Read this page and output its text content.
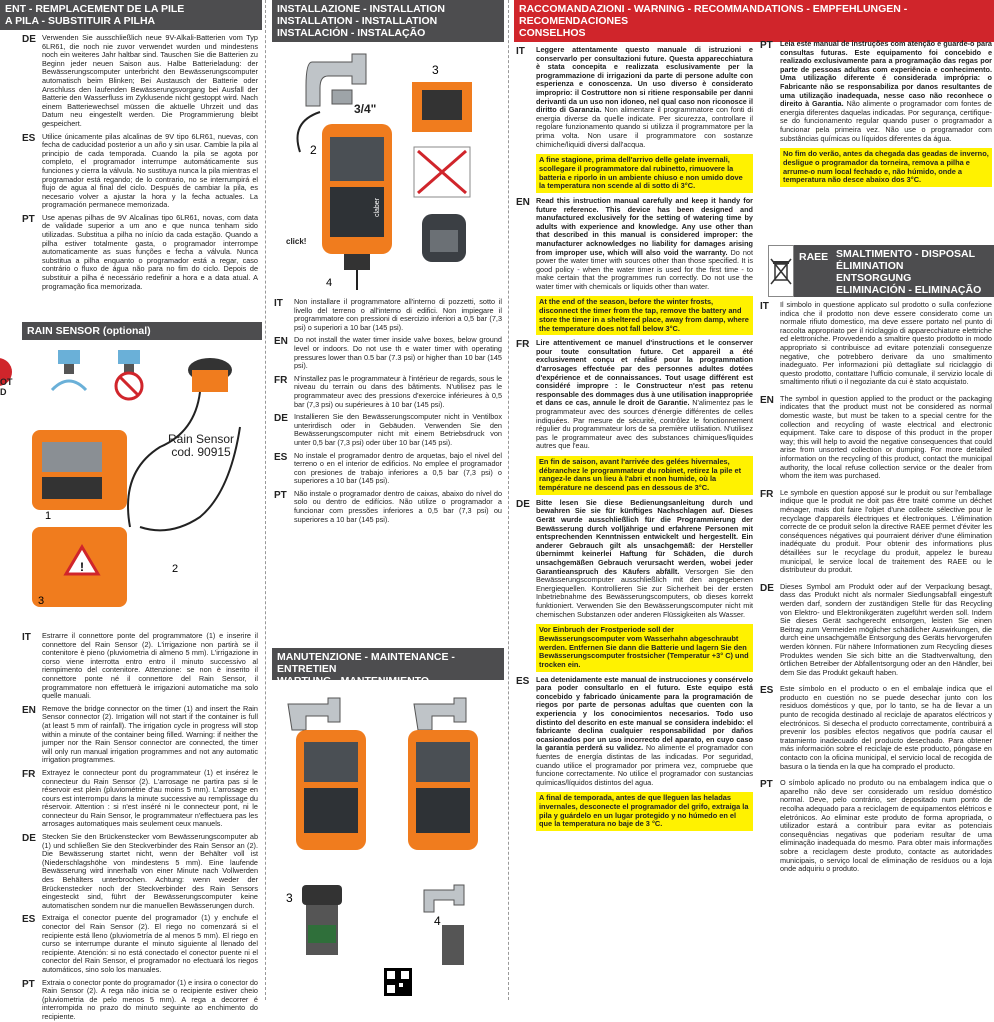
ENT - REMPLACEMENT DE LA PILE
A PILA - SUBSTITUIR A PILHA
DE Verwenden Sie ausschließlich neue 9V-Alkali-Batterien vom Typ 6LR61, die noch nie zuvor verwendet wurden und mindestens noch ein weiteres Jahr haltbar sind. Tauschen Sie die Batterien zu Beginn jeder neuen Saison aus. Halbe Batterieladung: der Bewässerungscomputer unterbricht den Bewässerungscomputer automatisch beim Blinken; Bei Austausch der Batterie oder Anschluss den laufenden Bewässerungsvorgang bei Ausfall der Batterie den Wasserfluss im Zyklusende nicht gestoppt wird. Nach einem Batteriewechsel müssen die aktuelle Uhrzeit und das Datum neu eingestellt werden. Die Programmierung bleibt gespeichert.
ES Utilice únicamente pilas alcalinas de 9V tipo 6LR61, nuevas, con fecha de caducidad posterior a un año y sin usar. Cambie la pila al principio de cada temporada. Cuando la pila se agota por completo, el programador interrumpe automáticamente sus funciones y cierra la válvula. No sustituya nunca la pila mientras el programador está regando; de lo contrario, no se interrumpirá el flujo de agua al final del ciclo. Después de cambiar la pila, es necesario volver a ajustar la hora y la fecha actuales. La programación permanece memorizada.
PT Use apenas pilhas de 9V Alcalinas tipo 6LR61, novas, com data de validade superior a um ano e que nunca tenham sido utilizadas. Substitua a pilha no início da cada estação. Quando a pilha estiver totalmente gasta, o programador interrompe automaticamente as suas funções e fecha a válvula. Nunca substitua a pilha enquanto o programador está a regar, caso contrário o fluxo de água não para no fim do ciclo. Depois de substituir a pilha é necessário redefinir a hora e a data atual. A programação fica memorizada.
RAIN SENSOR (optional)
1
!
3
2
Rain Sensor
cod. 90915
OT
D
IT	Estrarre il connettore ponte del programmatore (1) e inserire il connettore del Rain Sensor (2). L'irrigazione non partirà se il contenitore è pieno (pluviometria di almeno 5 mm). L'irrigazione in corso viene interrotta entro entro il minuto successivo al riempimento del contenitore. Attenzione: se non è inserito il connettore ponte né il connettore del Rain Sensor, il programmatore non effettuerà le irrigazioni automatiche ma solo quelle manuali.
EN Remove the bridge connector on the timer (1) and insert the Rain Sensor connector (2). Irrigation will not start if the container is full (at least 5 mm of rainfall). The irrigation cycle in progress will stop within a minute of the container being filled. Warning: if neither the jumper nor the Rain Sensor connector are connected, the timer will only run manual irrigation programmes and not any automatic irrigation programmes.
FR Extrayez le connecteur pont du programmateur (1) et insérez le connecteur du Rain Sensor (2). L'arrosage ne partira pas si le réservoir est plein (pluviométrie d'au moins 5 mm). L'arrosage en cours est interrompu dans la minute successive au remplissage du réservoir. Attention : si n'est inséré ni le connecteur pont, ni le connecteur du Rain Sensor, le programmateur n'effectuera pas les arrosages automatiques mais seulement ceux manuels.
DE Stecken Sie den Brückenstecker vom Bewässerungscomputer ab (1) und schließen Sie den Steckverbinder des Rain Sensor an (2). Die Bewässerung startet nicht, wenn der Behälter voll ist (Niederschlagshöhe von mindestens 5 mm). Eine laufende Bewässerung wird innerhalb von einer Minute nach Vollwerden des Behälters unterbrochen. Achtung: wenn weder der Brückenstecker noch der Steckverbinder des Rain Sensors eingesteckt sind, führt der Bewässerungscomputer keine automatischen sondern nur die manuellen Bewässerungen durch.
ES Extraiga el conector puente del programador (1) y enchufe el conector del Rain Sensor (2). El riego no comenzará si el recipiente está lleno (pluviometría de al menos 5 mm). El riego en curso se interrumpe durante el minuto siguiente al llenado del recipiente. Atención: si no está conectado el conector puente ni el conector del Rain Sensor, el programador no efectuará los riegos automáticos, sino solo los manuales.
PT Extraia o conector ponte do programador (1) e insira o conector do Rain Sensor (2). A rega não inicia se o recipiente estiver cheio (pluviometria de pelo menos 5 mm). A rega a decorrer é interrompida no prazo do minuto seguinte ao enchimento do recipiente.
INSTALLAZIONE - INSTALLATION
INSTALLATION - INSTALLATION
INSTALACIÓN - INSTALAÇÃO
2
4
3
3/4"
click!
claber
IT	Non installare il programmatore all'interno di pozzetti, sotto il livello del terreno o all'interno di edifici. Non impiegare il programmatore con pressioni di esercizio inferiori a 0,5 bar (7,3 psi) o superiori a 10 bar (145 psi).
EN Do not install the water timer inside valve boxes, below ground level or indoors. Do not use th e water timer with operating pressures lower than 0.5 bar (7.3 psi) or higher than 10 bar (145 psi).
FR N'installez pas le programmateur à l'intérieur de regards, sous le niveau du terrain ou dans des bâtiments. N'utilisez pas le programmateur avec des pressions d'exercice inférieures à 0,5 bar (7,3 psi) ou supérieures à 10 bar (145 psi).
DE Installieren Sie den Bewässerungscomputer nicht in Ventilbox unterirdisch oder in Gebäuden. Verwenden Sie den Bewässerungscomputer nicht mit einem Betriebsdruck von unter 0,5 bar (7,3 psi) oder über 10 bar (145 psi).
ES No instale el programador dentro de arquetas, bajo el nivel del terreno o en el interior de edificios. No emplee el programador con presiones de trabajo inferiores a 0,5 bar (7,3 psi) o superiores a 10 bar (145 psi).
PT Não instale o programador dentro de caixas, abaixo do nível do solo ou dentro de edifícios. Não utilize o programador a funcionar com pressões inferiores a 0,5 bar (7,3 psi) ou superiores a 10 bar (145 psi).
MANUTENZIONE - MAINTENANCE - ENTRETIEN
3
4
RACCOMANDAZIONI - WARNING - RECOMMANDATIONS - EMPFEHLUNGEN - RECOMENDACIONES
CONSELHOS
IT	Leggere attentamente questo manuale di istruzioni e conservarlo per consultazioni future. Questa apparecchiatura è stata concepita e realizzata esclusivamente per la programmazione di irrigazioni da parte di persone adulte con esperienza e conoscenza. Un uso diverso è considerato improprio: il Costruttore non si ritiene responsabile per danni derivanti da un uso non idoneo, nel qual caso non riconosce il diritto di Garanzia. Non alimentare il programmatore con fonti di energia diverse da quelle indicate. Per sicurezza, controllare il regolare funzionamento quando si utilizza il programmatore per la prima volta. Non usare il programmatore con sostanze chimiche/liquidi diversi dall'acqua.
A fine stagione, prima dell'arrivo delle gelate invernali, scollegare il programmatore dal rubinetto, rimuovere la batteria e riporlo in un ambiente chiuso e non umido dove la temperatura non scende al di sotto di 3°C.
EN Read this instruction manual carefully and keep it handy for future reference. This device has been designed and manufactured exclusively for the setting of watering time by adults with experience and knowledge. Any use other than that described in this manual is considered improper: the manufacturer acknowledges no liability for damages arising from improper use, which will also void the warranty. Do not power the water timer with sources other than those specified. It is good policy - when the water timer is used for the first time - to make certain that the programmes run correctly. Do not use the water timer with chemicals or liquids other than water.
At the end of the season, before the winter frosts, disconnect the timer from the tap, remove the battery and store the timer in a sheltered place, away from damp, where the temperature does not fall below 3°C.
FR Lire attentivement ce manuel d'instructions et le conserver pour toute consultation future. Cet appareil a été exclusivement conçu et réalisé pour la programmation d'arrosages effectuée par des personnes adultes dotées d'expérience et de connaissances. Tout usage différent est considéré impropre : le Constructeur n'est pas retenu responsable des dommages dus à une utilisation inappropriée et dans ce cas, annule le droit de Garantie. N'alimentez pas le programmateur avec des sources d'énergie différentes de celles indiquées. Par mesure de sécurité, contrôlez le fonctionnement régulier du programmateur lors de sa première utilisation. N'utilisez pas le programmateur avec des substances chimiques/liquides autres que l'eau.
En fin de saison, avant l'arrivée des gelées hivernales, débranchez le programmateur du robinet, retirez la pile et rangez-le dans un lieu à l'abri et non humide, où la température ne descend pas en dessous de 3°C.
DE Bitte lesen Sie diese Bedienungsanleitung durch und bewahren Sie sie für künftiges Nachschlagen auf. Dieses Gerät wurde ausschließlich für die Programmierung der Bewässerung durch volljährige und erfahrene Personen mit entsprechenden Kenntnissen entwickelt und hergestellt. Ein anderer Gebrauch gilt als unsachgemäß: der Hersteller übernimmt keinerlei Haftung für Schäden, die durch unsachgemäßen Gebrauch verursacht werden, wobei jeder Garantieanspruch des Käufers abfällt. Versorgen Sie den Bewässerungscomputer ausschließlich mit den angegebenen Energiequellen. Kontrollieren Sie zur Sicherheit bei der ersten Inbetriebnahme des Bewässerungscomputers, ob dieses korrekt funktioniert. Verwenden Sie den Bewässerungscomputer nicht mit chemischen Substanzen oder anderen Flüssigkeiten als Wasser.
Vor Einbruch der Frostperiode soll der Bewässerungscomputer vom Wasserhahn abgeschraubt werden. Entfernen Sie dann die Batterie und lagern Sie den Bewässerungscomputer frostsicher (Temperatur +3° C) und trocken ein.
ES Lea detenidamente este manual de instrucciones y consérvelo para poder consultarlo en el futuro. Este equipo está concebido y fabricado únicamente para la programación de riegos por parte de personas adultas que cuenten con la experiencia y los conocimientos necesarios. Todo uso distinto del descrito en este manual se considera indebido: el fabricante declina cualquier responsabilidad por daños ocasionados por un uso incorrecto del aparato, en cuyo caso la garantía perderá su validez. No alimente el programador con fuentes de energía distintas de las indicadas. Por seguridad, cuando utilice el programador por primera vez, compruebe que funcione correctamente. No utilice el programador con sustancias químicas/líquidos distintos del agua.
A final de temporada, antes de que lleguen las heladas invernales, desconecte el programador del grifo, extraiga la pila y guárdelo en un lugar protegido y no húmedo en el que la temperatura no baje de 3 °C.
PT Leia este manual de instruções com atenção e guarde-o para consultas futuras. Este equipamento foi concebido e realizado exclusivamente para a programação das regas por parte de pessoas adultas com experiência e conhecimento. Uma utilização diferente é considerada imprópria: o Fabricante não se responsabiliza por danos resultantes de uma utilização inadequada, nesse caso não reconhece o direito à Garantia. Não alimente o programador com fontes de energia diferentes daquelas indicadas. Por segurança, certifique-se do funcionamento regular quando puser o programador a funcionar pela primeira vez. Não use o programador com substâncias químicas ou líquidos diferentes da água.
No fim do verão, antes da chegada das geadas de inverno, desligue o programador da torneira, remova a pilha e arrume-o num local fechado e, não húmido, onde a temperatura não desce abaixo dos 3°C.
RAEE SMALTIMENTO - DISPOSAL
ÉLIMINATION
ENTSORGUNG
ELIMINACIÓN - ELIMINAÇÃO
IT	Il simbolo in questione applicato sul prodotto o sulla confezione indica che il prodotto non deve essere considerato come un normale rifiuto domestico, ma deve essere portato nel punto di raccolta appropriato per il riciclaggio di apparecchiature elettriche ed elettroniche. Provvedendo a smaltire questo prodotto in modo appropriato si contribuisce ad evitare potenziali conseguenze negative, che potrebbero derivare da uno smaltimento inadeguato. Per informazioni più dettagliate sul riciclaggio di questo prodotto, contattare l'ufficio comunale, il servizio locale di smaltimento rifiuti o il negoziante da cui è stato acquistato.
EN The symbol in question applied to the product or the packaging indicates that the product must not be considered as normal domestic waste, but must be taken to a special centre for the collection and recycling of waste electrical and electronic equipment. Take care to dispose of this product in the proper way; this will help to avoid the negative consequences that could arise from unsorted collection or dumping. For more detailed information on the recycling of this product, contact the municipal authority, the local refuse collection service or the dealer from whom the item was purchased.
FR Le symbole en question apposé sur le produit ou sur l'emballage indique que le produit ne doit pas être traité comme un déchet ménager, mais doit faire l'objet d'une collecte sélective pour le recyclage d'appareils électriques et électroniques. L'élimination correcte de ce produit selon la directive RAEE permet d'éviter les conséquences négatives qui pourraient dériver d'une élimination inadéquate du produit. Pour obtenir des informations plus détaillées sur le recyclage du produit, appelez le bureau municipal, le service local de traitement des RAEE ou le distributeur du produit.
DE Dieses Symbol am Produkt oder auf der Verpackung besagt, dass das Produkt nicht als normaler Siedlungsabfall eingestuft werden darf, sondern der zuständigen Stelle für das Recycling von Elektro- und Elektronikgeräten zugeführt werden soll. Indem Sie dieses Gerät sachgerecht entsorgen, leisten Sie einen Beitrag zum Vermeiden möglicher schädlicher Auswirkungen, die durch eine unsachgemäße Entsorgung des Geräts hervorgerufen werden können. Für nähere Informationen zum Recycling dieses Produktes wenden Sie sich bitte an die Stadtverwaltung, den örtlichen Betreiber der Abfallentsorgung oder an den Händler, bei dem Sie das Produkt gekauft haben.
ES Este símbolo en el producto o en el embalaje indica que el producto en cuestión no se puede desechar junto con los residuos domésticos y que, por lo tanto, se ha de llevar a un punto de recogida destinado al reciclaje de aparatos eléctricos y electrónicos. Si desecha el producto correctamente, contribuirá a prevenir los posibles efectos negativos que podría causar el tratamiento inadecuado del producto desechado. Para obtener más información sobre el reciclaje de este producto, póngase en contacto con la oficina municipal, el servicio local de recogida de basura o la tienda en la que ha comprado el producto.
PT O símbolo aplicado no produto ou na embalagem indica que o aparelho não deve ser considerado um resíduo doméstico normal. Deve, pelo contrário, ser depositado num ponto de recolha adequado para a reciclagem de equipamentos elétricos e eletrónicos. Ao eliminar este produto de forma apropriada, o utilizador estará a contribuir para evitar as potenciais consequências negativas que poderiam resultar de uma eliminação inadequada do mesmo. Para obter mais informações sobre a reciclagem deste produto, contacte as autoridades municipais, o serviço local de eliminação de resíduos ou a loja onde adquiriu o produto.
